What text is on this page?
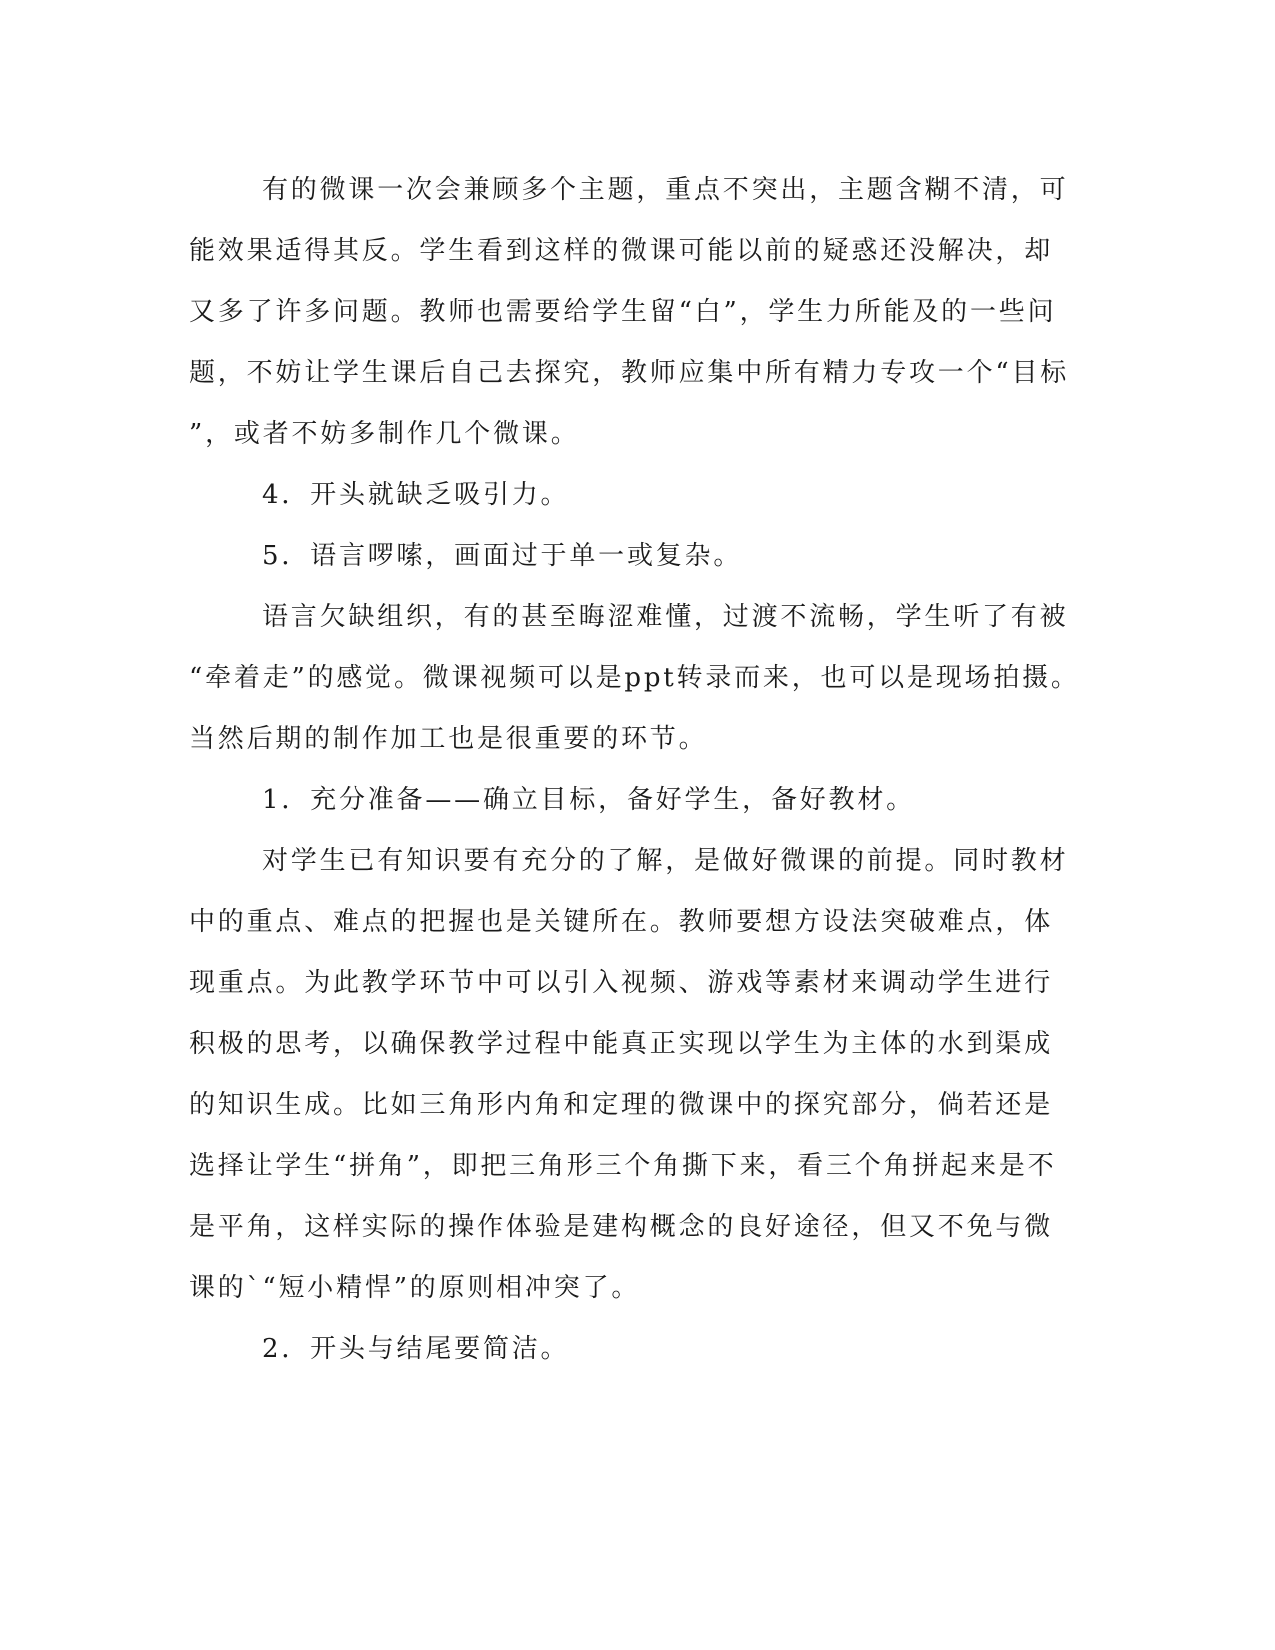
有的微课一次会兼顾多个主题，重点不突出，主题含糊不清，可
能效果适得其反。学生看到这样的微课可能以前的疑惑还没解决，却
又多了许多问题。教师也需要给学生留“白”，学生力所能及的一些问
题，不妨让学生课后自己去探究，教师应集中所有精力专攻一个“目标
”，或者不妨多制作几个微课。
4．开头就缺乏吸引力。
5．语言啰嗦，画面过于单一或复杂。
语言欠缺组织，有的甚至晦涩难懂，过渡不流畅，学生听了有被
“牵着走”的感觉。微课视频可以是ppt转录而来，也可以是现场拍摄。
当然后期的制作加工也是很重要的环节。
1．充分准备——确立目标，备好学生，备好教材。
对学生已有知识要有充分的了解，是做好微课的前提。同时教材
中的重点、难点的把握也是关键所在。教师要想方设法突破难点，体
现重点。为此教学环节中可以引入视频、游戏等素材来调动学生进行
积极的思考，以确保教学过程中能真正实现以学生为主体的水到渠成
的知识生成。比如三角形内角和定理的微课中的探究部分，倘若还是
选择让学生“拼角”，即把三角形三个角撕下来，看三个角拼起来是不
是平角，这样实际的操作体验是建构概念的良好途径，但又不免与微
课的`“短小精悍”的原则相冲突了。
2．开头与结尾要简洁。
